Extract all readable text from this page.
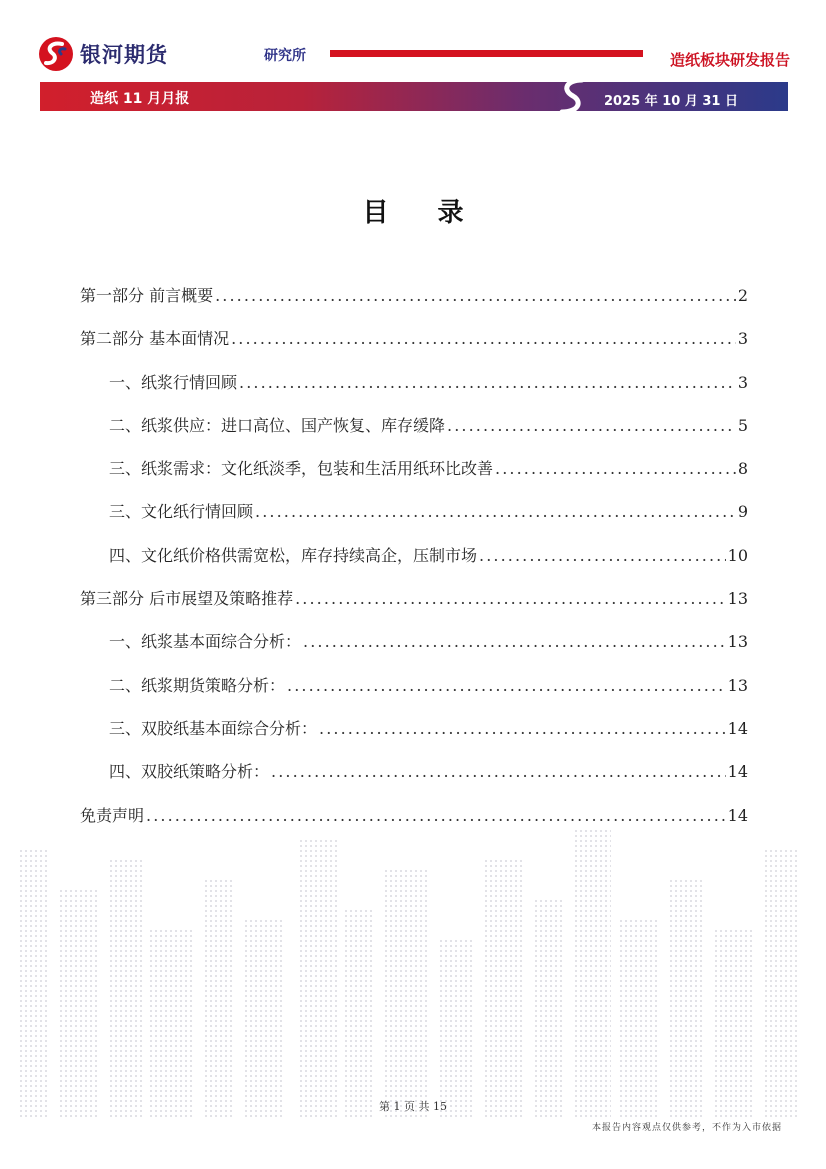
银河期货	研究所	造纸板块研发报告
造纸 11 月月报	2025 年 10 月 31 日
目 录
第一部分 前言概要 .....	2
第二部分 基本面情况 .....	3
一、纸浆行情回顾 .....	3
二、纸浆供应：进口高位、国产恢复、库存缓降 .....	5
三、纸浆需求：文化纸淡季，包装和生活用纸环比改善 .....	8
三、文化纸行情回顾 .....	9
四、文化纸价格供需宽松，库存持续高企，压制市场 .....	10
第三部分 后市展望及策略推荐 .....	13
一、纸浆基本面综合分析： .....	13
二、纸浆期货策略分析： .....	13
三、双胶纸基本面综合分析： .....	14
四、双胶纸策略分析： .....	14
免责声明 .....	14
第 1 页 共 15
本报告内容观点仅供参考，不作为入市依据
